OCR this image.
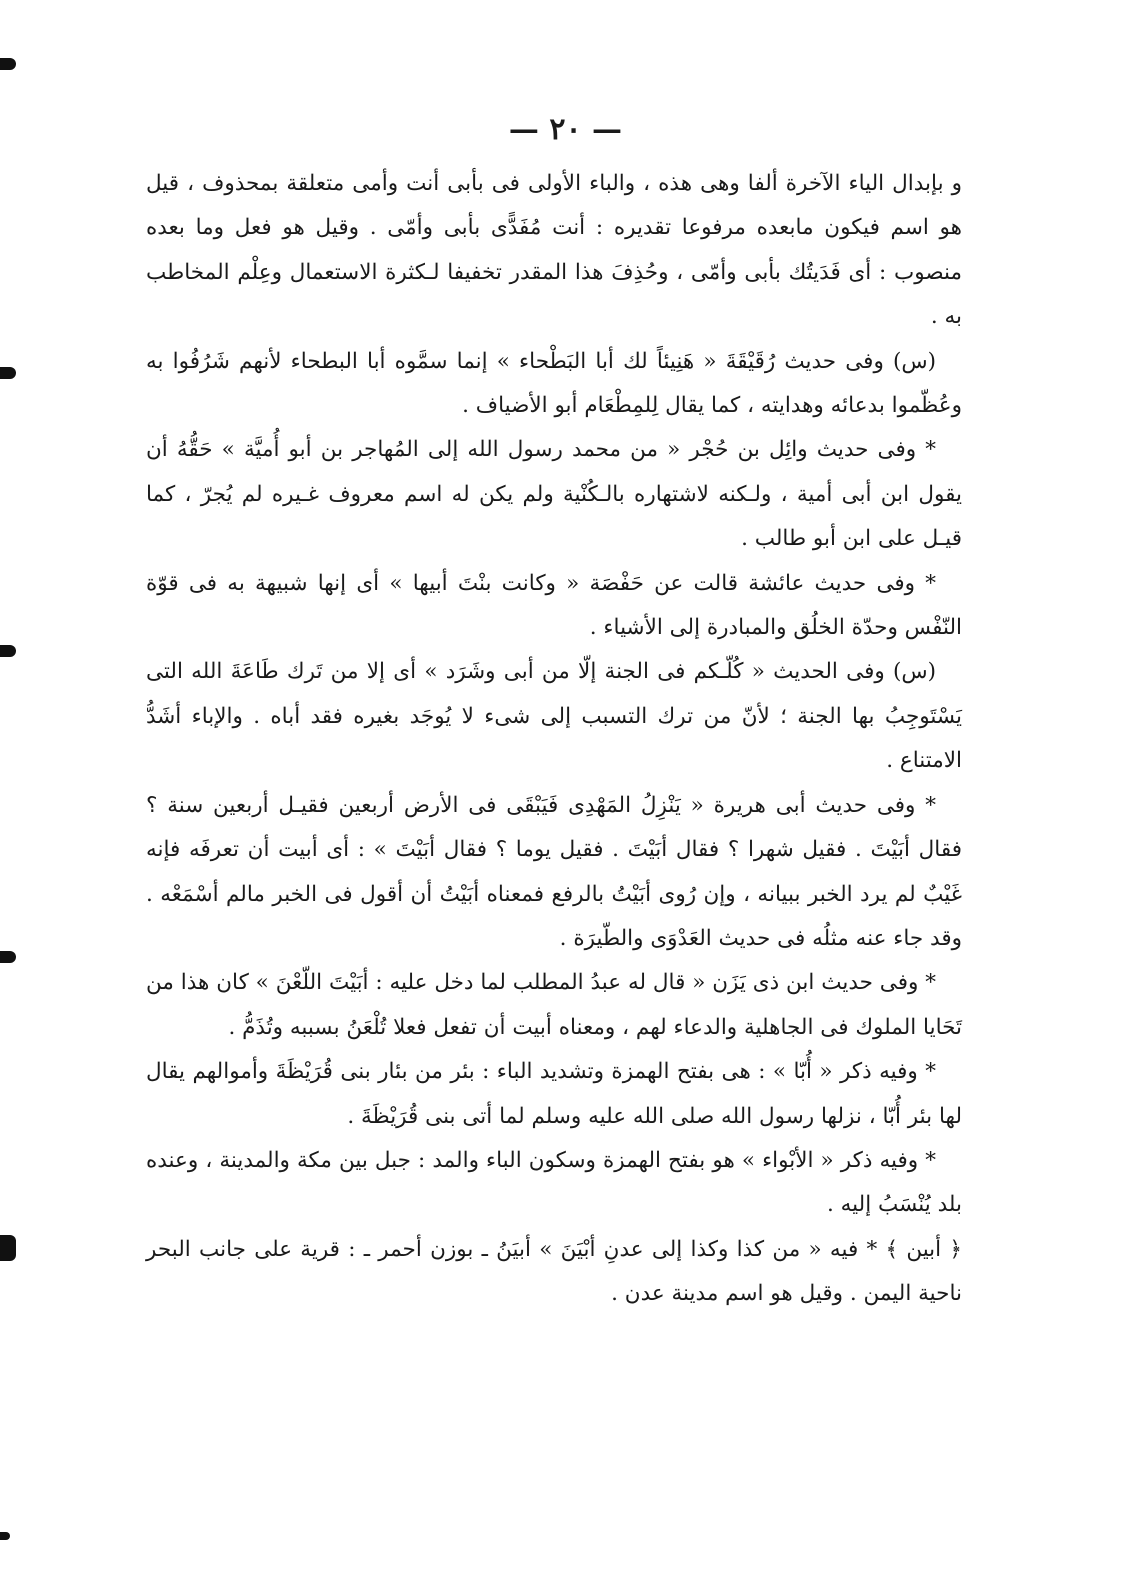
— ٢٠ —

و بإبدال الياء الآخرة ألفا وهى هذه ، والباء الأولى فى بأبى أنت وأمى متعلقة بمحذوف ، قيل هو اسم فيكون مابعده مرفوعا تقديره : أنت مُفَدًّى بأبى وأمّى . وقيل هو فعل وما بعده منصوب : أى فَدَيتُك بأبى وأمّى ، وحُذِفَ هذا المقدر تخفيفا لـكثرة الاستعمال وعِلْم المخاطب به .

(س) وفى حديث رُقَيْقَةَ « هَنِيئاً لك أبا البَطْحاء » إنما سمَّوه أبا البطحاء لأنهم شَرُفُوا به وعُظّموا بدعائه وهدايته ، كما يقال لِلمِطْعَام أبو الأضياف .

* وفى حديث وائِل بن حُجْر « من محمد رسول الله إلى المُهاجر بن أبو أُميَّة » حَقُّهُ أن يقول ابن أبى أمية ، ولـكنه لاشتهاره بالـكُنْية ولم يكن له اسم معروف غـيره لم يُجرّ ، كما قيـل على ابن أبو طالب .

* وفى حديث عائشة قالت عن حَفْصَة « وكانت بنْتَ أبيها » أى إنها شبيهة به فى قوّة النّفْس وحدّة الخلُق والمبادرة إلى الأشياء .

(س) وفى الحديث « كُلّـكم فى الجنة إلّا من أبى وشَرَد » أى إلا من تَرك طَاعَةَ الله التى يَسْتَوجِبُ بها الجنة ؛ لأنّ من ترك التسبب إلى شىء لا يُوجَد بغيره فقد أباه . والإباء أشَدُّ الامتناع .

* وفى حديث أبى هريرة « يَنْزِلُ المَهْدِى فَيَبْقَى فى الأرض أربعين فقيـل أربعين سنة ؟ فقال أبَيْتَ . فقيل شهرا ؟ فقال أبَيْتَ . فقيل يوما ؟ فقال أبَيْتَ » : أى أبيت أن تعرفَه فإنه غَيْبٌ لم يرد الخبر ببيانه ، وإن رُوى أبَيْتُ بالرفع فمعناه أبَيْتُ أن أقول فى الخبر مالم أسْمَعْه . وقد جاء عنه مثلُه فى حديث العَدْوَى والطّيرَة .

* وفى حديث ابن ذى يَزَن « قال له عبدُ المطلب لما دخل عليه : أبَيْتَ اللّعْنَ » كان هذا من تَحَايا الملوك فى الجاهلية والدعاء لهم ، ومعناه أبيت أن تفعل فعلا تُلْعَنُ بسببه وتُذَمُّ .

* وفيه ذكر « أُبّا » : هى بفتح الهمزة وتشديد الباء : بئر من بئار بنى قُرَيْظَةَ وأموالهم يقال لها بئر أُبّا ، نزلها رسول الله صلى الله عليه وسلم لما أتى بنى قُرَيْظَةَ .

* وفيه ذكر « الأبْواء » هو بفتح الهمزة وسكون الباء والمد : جبل بين مكة والمدينة ، وعنده بلد يُنْسَبُ إليه .

﴿ أبين ﴾ * فيه « من كذا وكذا إلى عدنِ أبْيَنَ » أبيَنُ ـ بوزن أحمر ـ : قرية على جانب البحر ناحية اليمن . وقيل هو اسم مدينة عدن .
